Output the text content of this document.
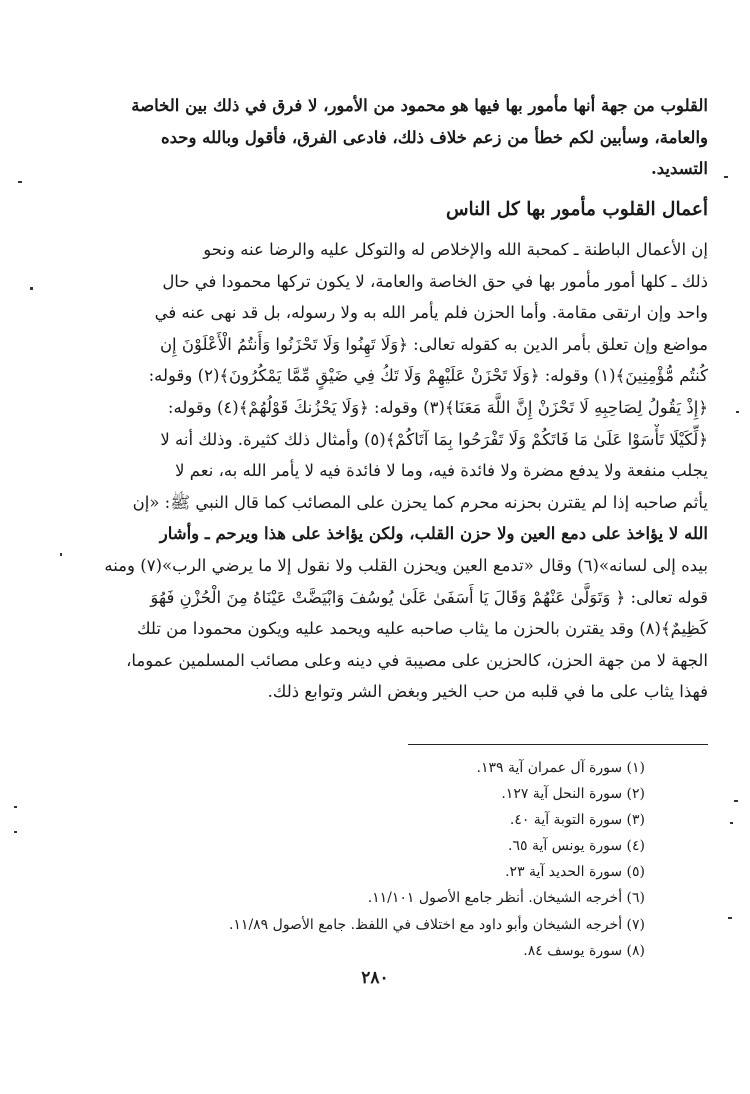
القلوب من جهة أنها مأمور بها فيها هو محمود من الأمور، لا فرق في ذلك بين الخاصة
والعامة، وسأبين لكم خطأ من زعم خلاف ذلك، فادعى الفرق، فأقول وبالله وحده
التسديد.
أعمال القلوب مأمور بها كل الناس
إن الأعمال الباطنة ـ كمحبة الله والإخلاص له والتوكل عليه والرضا عنه ونحو
ذلك ـ كلها أمور مأمور بها في حق الخاصة والعامة، لا يكون تركها محمودا في حال
واحد وإن ارتقى مقامة. وأما الحزن فلم يأمر الله به ولا رسوله، بل قد نهى عنه في
مواضع وإن تعلق بأمر الدين به كقوله تعالى: ﴿وَلَا تَهِنُوا وَلَا تَحْزَنُوا وَأَنتُمُ الْأَعْلَوْنَ إِن
كُنتُم مُّؤْمِنِينَ﴾(١) وقوله: ﴿وَلَا تَحْزَنْ عَلَيْهِمْ وَلَا تَكُ فِي ضَيْقٍ مِّمَّا يَمْكُرُونَ﴾(٢) وقوله:
﴿إِذْ يَقُولُ لِصَاحِبِهِ لَا تَحْزَنْ إِنَّ اللَّهَ مَعَنَا﴾(٣) وقوله: ﴿وَلَا يَحْزُنكَ قَوْلُهُمْ﴾(٤) وقوله:
﴿لِّكَيْلَا تَأْسَوْا عَلَىٰ مَا فَاتَكُمْ وَلَا تَفْرَحُوا بِمَا آتَاكُمْ﴾(٥) وأمثال ذلك كثيرة. وذلك أنه لا
يجلب منفعة ولا يدفع مضرة ولا فائدة فيه، وما لا فائدة فيه لا يأمر الله به، نعم لا
يأثم صاحبه إذا لم يقترن بحزنه محرم كما يحزن على المصائب كما قال النبي ﷺ: «إن
الله لا يؤاخذ على دمع العين ولا حزن القلب، ولكن يؤاخذ على هذا ويرحم ـ وأشار
بيده إلى لسانه»(٦) وقال «تدمع العين ويحزن القلب ولا نقول إلا ما يرضي الرب»(٧) ومنه
قوله تعالى: ﴿ وَتَوَلَّىٰ عَنْهُمْ وَقَالَ يَا أَسَفَىٰ عَلَىٰ يُوسُفَ وَابْيَضَّتْ عَيْنَاهُ مِنَ الْحُزْنِ فَهُوَ
كَظِيمٌ﴾(٨) وقد يقترن بالحزن ما يثاب صاحبه عليه ويحمد عليه ويكون محمودا من تلك
الجهة لا من جهة الحزن، كالحزين على مصيبة في دينه وعلى مصائب المسلمين عموما،
فهذا يثاب على ما في قلبه من حب الخير وبغض الشر وتوابع ذلك.
(١) سورة آل عمران آية ١٣٩.
(٢) سورة النحل آية ١٢٧.
(٣) سورة التوبة آية ٤٠.
(٤) سورة يونس آية ٦٥.
(٥) سورة الحديد آية ٢٣.
(٦) أخرجه الشيخان. أنظر جامع الأصول ١١/١٠١.
(٧) أخرجه الشيخان وأبو داود مع اختلاف في اللفظ. جامع الأصول ١١/٨٩.
(٨) سورة يوسف ٨٤.
٢٨٠
